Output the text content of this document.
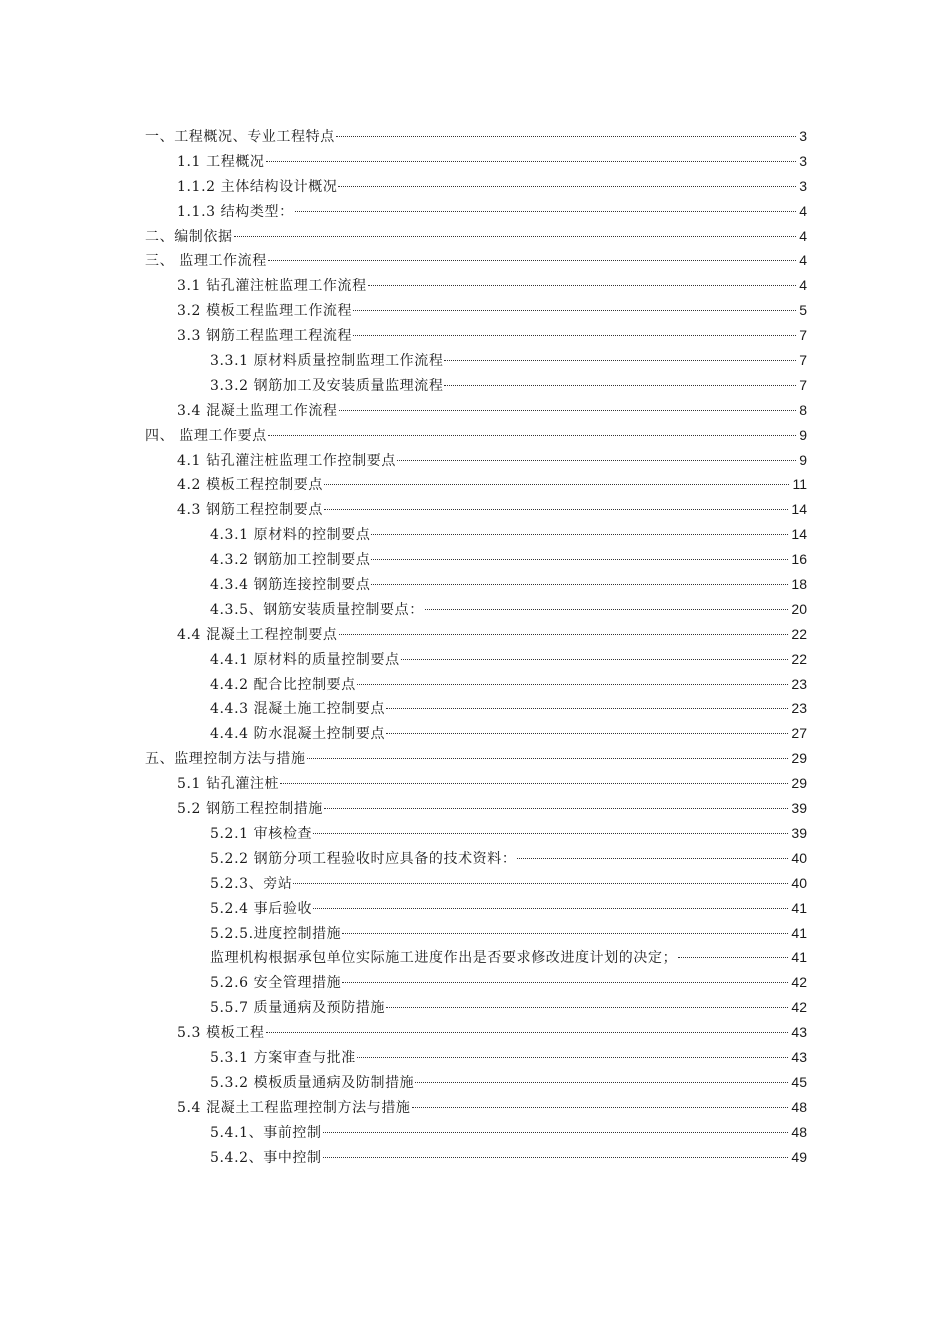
一、工程概况、专业工程特点	3
1.1 工程概况	3
1.1.2 主体结构设计概况	3
1.1.3 结构类型：	4
二、编制依据	4
三、 监理工作流程	4
3.1 钻孔灌注桩监理工作流程	4
3.2 模板工程监理工作流程	5
3.3 钢筋工程监理工程流程	7
3.3.1 原材料质量控制监理工作流程	7
3.3.2 钢筋加工及安装质量监理流程	7
3.4 混凝土监理工作流程	8
四、 监理工作要点	9
4.1 钻孔灌注桩监理工作控制要点	9
4.2 模板工程控制要点	11
4.3 钢筋工程控制要点	14
4.3.1 原材料的控制要点	14
4.3.2 钢筋加工控制要点	16
4.3.4 钢筋连接控制要点	18
4.3.5、钢筋安装质量控制要点：	20
4.4 混凝土工程控制要点	22
4.4.1 原材料的质量控制要点	22
4.4.2 配合比控制要点	23
4.4.3 混凝土施工控制要点	23
4.4.4 防水混凝土控制要点	27
五、监理控制方法与措施	29
5.1 钻孔灌注桩	29
5.2 钢筋工程控制措施	39
5.2.1 审核检查	39
5.2.2 钢筋分项工程验收时应具备的技术资料：	40
5.2.3、旁站	40
5.2.4 事后验收	41
5.2.5.进度控制措施	41
监理机构根据承包单位实际施工进度作出是否要求修改进度计划的决定；	41
5.2.6 安全管理措施	42
5.5.7 质量通病及预防措施	42
5.3 模板工程	43
5.3.1 方案审查与批准	43
5.3.2 模板质量通病及防制措施	45
5.4 混凝土工程监理控制方法与措施	48
5.4.1、事前控制	48
5.4.2、事中控制	49
